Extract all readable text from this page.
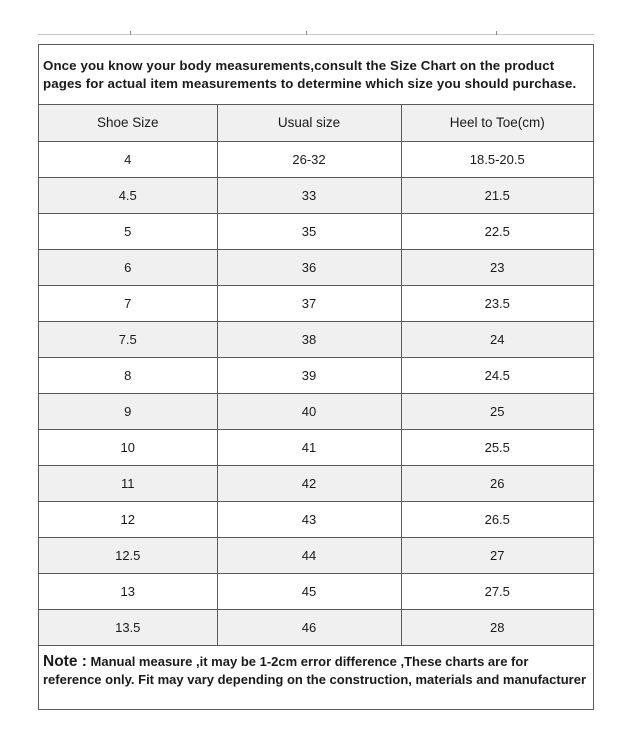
Once you know your body measurements,consult the Size Chart on the product pages for actual item measurements to determine which size you should purchase.
Shoe Size	Usual size	Heel to Toe(cm)
4	26-32	18.5-20.5
4.5	33	21.5
5	35	22.5
6	36	23
7	37	23.5
7.5	38	24
8	39	24.5
9	40	25
10	41	25.5
11	42	26
12	43	26.5
12.5	44	27
13	45	27.5
13.5	46	28
Note : Manual measure ,it may be 1-2cm error difference ,These charts are for reference only. Fit may vary depending on the construction, materials and manufacturer
